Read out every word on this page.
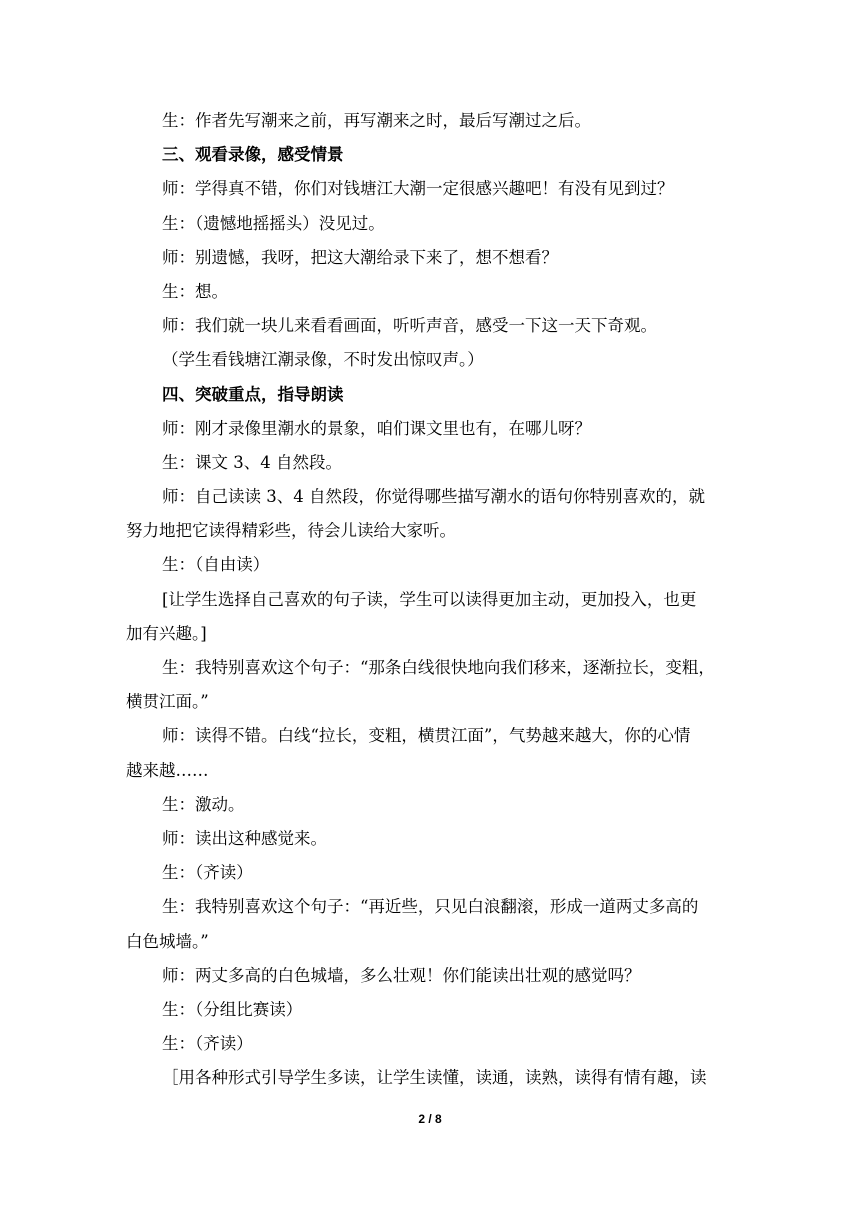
生：作者先写潮来之前，再写潮来之时，最后写潮过之后。
三、观看录像，感受情景
师：学得真不错，你们对钱塘江大潮一定很感兴趣吧！有没有见到过？
生：（遗憾地摇摇头）没见过。
师：别遗憾，我呀，把这大潮给录下来了，想不想看？
生：想。
师：我们就一块儿来看看画面，听听声音，感受一下这一天下奇观。
（学生看钱塘江潮录像，不时发出惊叹声。）
四、突破重点，指导朗读
师：刚才录像里潮水的景象，咱们课文里也有，在哪儿呀？
生：课文 3、4 自然段。
师：自己读读 3、4 自然段，你觉得哪些描写潮水的语句你特别喜欢的，就
努力地把它读得精彩些，待会儿读给大家听。
生：（自由读）
[让学生选择自己喜欢的句子读，学生可以读得更加主动，更加投入，也更
加有兴趣。]
生：我特别喜欢这个句子：“那条白线很快地向我们移来，逐渐拉长，变粗，
横贯江面。”
师：读得不错。白线“拉长，变粗，横贯江面”，气势越来越大，你的心情
越来越……
生：激动。
师：读出这种感觉来。
生：（齐读）
生：我特别喜欢这个句子：“再近些，只见白浪翻滚，形成一道两丈多高的
白色城墙。”
师：两丈多高的白色城墙，多么壮观！你们能读出壮观的感觉吗？
生：（分组比赛读）
生：（齐读）
［用各种形式引导学生多读，让学生读懂，读通，读熟，读得有情有趣，读
2 / 8
